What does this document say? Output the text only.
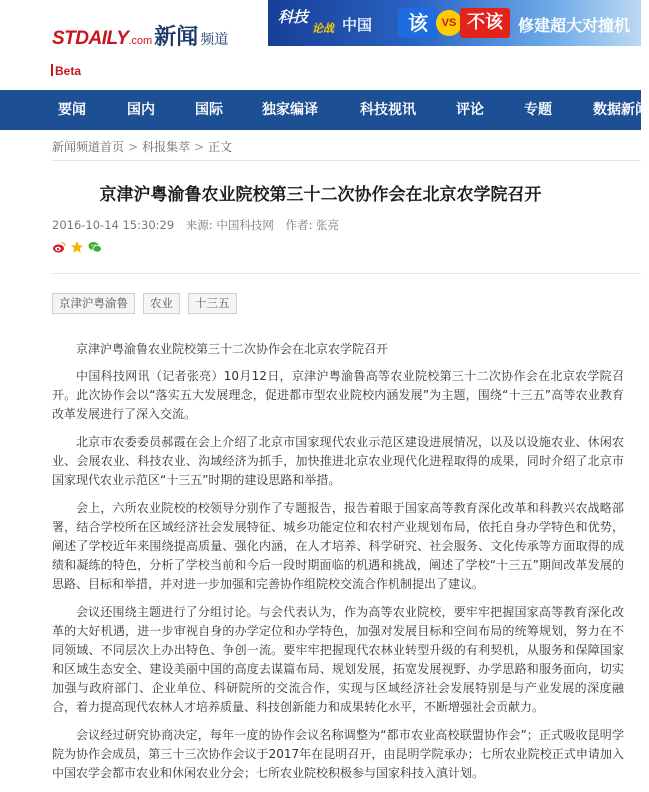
STDAILY .com 新闻 频道
Beta
科技
论战 中国	该	VS 不该 修建超大对撞机
要闻	国内	国际	独家编译	科技视讯	评论	专题	数据新闻
新闻频道首页 > 科报集萃 > 正文
京津沪粤渝鲁农业院校第三十二次协作会在北京农学院召开
2016-10-14 15:30:29 来源: 中国科技网 作者: 张亮
京津沪粤渝鲁	农业	十三五

京津沪粤渝鲁农业院校第三十二次协作会在北京农学院召开

中国科技网讯（记者张亮）10月12日，京津沪粤渝鲁高等农业院校第三十二次协作会在北京农学院召开。此次协作会以“落实五大发展理念，促进都市型农业院校内涵发展”为主题，围绕“十三五”高等农业教育改革发展进行了深入交流。

北京市农委委员郝霞在会上介绍了北京市国家现代农业示范区建设进展情况，以及以设施农业、休闲农业、会展农业、科技农业、沟域经济为抓手，加快推进北京农业现代化进程取得的成果，同时介绍了北京市国家现代农业示范区“十三五”时期的建设思路和举措。

会上，六所农业院校的校领导分别作了专题报告，报告着眼于国家高等教育深化改革和科教兴农战略部署，结合学校所在区域经济社会发展特征、城乡功能定位和农村产业规划布局，依托自身办学特色和优势，阐述了学校近年来围绕提高质量、强化内涵，在人才培养、科学研究、社会服务、文化传承等方面取得的成绩和凝练的特色，分析了学校当前和今后一段时期面临的机遇和挑战，阐述了学校“十三五”期间改革发展的思路、目标和举措，并对进一步加强和完善协作组院校交流合作机制提出了建议。

会议还围绕主题进行了分组讨论。与会代表认为，作为高等农业院校，要牢牢把握国家高等教育深化改革的大好机遇，进一步审视自身的办学定位和办学特色，加强对发展目标和空间布局的统筹规划，努力在不同领域、不同层次上办出特色、争创一流。要牢牢把握现代农林业转型升级的有利契机，从服务和保障国家和区域生态安全、建设美丽中国的高度去谋篇布局、规划发展，拓宽发展视野、办学思路和服务面向，切实加强与政府部门、企业单位、科研院所的交流合作，实现与区域经济社会发展特别是与产业发展的深度融合，着力提高现代农林人才培养质量、科技创新能力和成果转化水平，不断增强社会贡献力。

会议经过研究协商决定，每年一度的协作会议名称调整为“都市农业高校联盟协作会”；正式吸收昆明学院为协作会成员，第三十三次协作会议于2017年在昆明召开，由昆明学院承办；七所农业院校正式申请加入中国农学会都市农业和休闲农业分会；七所农业院校积极参与国家科技入滇计划。
